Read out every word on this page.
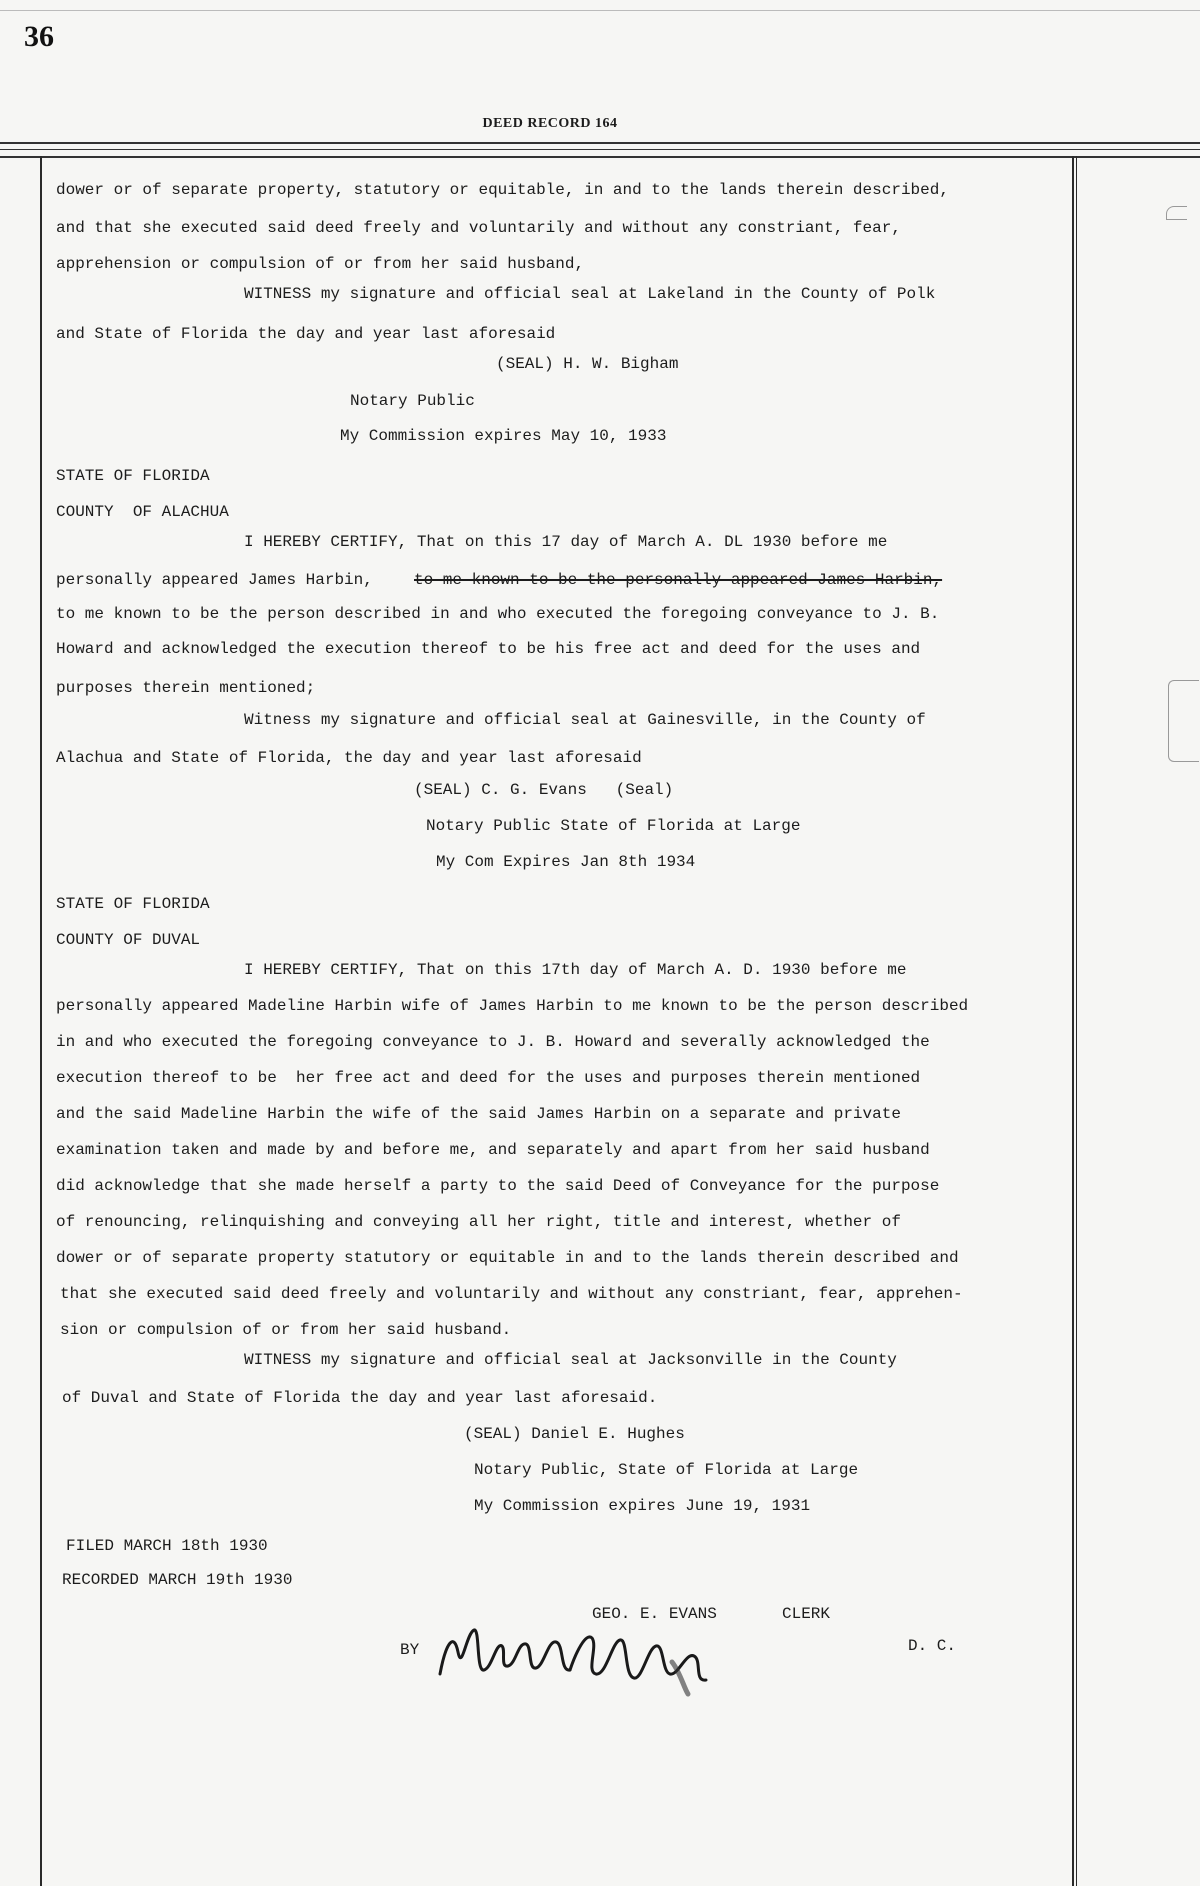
36
DEED RECORD 164
dower or of separate property, statutory or equitable, in and to the lands therein described,
and that she executed said deed freely and voluntarily and without any constriant, fear,
apprehension or compulsion of or from her said husband,
WITNESS my signature and official seal at Lakeland in the County of Polk
and State of Florida the day and year last aforesaid
(SEAL) H. W. Bigham
Notary Public
My Commission expires May 10, 1933
STATE OF FLORIDA
COUNTY  OF ALACHUA
I HEREBY CERTIFY, That on this 17 day of March A. DL 1930 before me
personally appeared James Harbin,	to me known to be the personally appeared James Harbin,
to me known to be the person described in and who executed the foregoing conveyance to J. B.
Howard and acknowledged the execution thereof to be his free act and deed for the uses and
purposes therein mentioned;
Witness my signature and official seal at Gainesville, in the County of
Alachua and State of Florida, the day and year last aforesaid
(SEAL) C. G. Evans   (Seal)
Notary Public State of Florida at Large
My Com Expires Jan 8th 1934
STATE OF FLORIDA
COUNTY OF DUVAL
I HEREBY CERTIFY, That on this 17th day of March A. D. 1930 before me
personally appeared Madeline Harbin wife of James Harbin to me known to be the person described
in and who executed the foregoing conveyance to J. B. Howard and severally acknowledged the
execution thereof to be  her free act and deed for the uses and purposes therein mentioned
and the said Madeline Harbin the wife of the said James Harbin on a separate and private
examination taken and made by and before me, and separately and apart from her said husband
did acknowledge that she made herself a party to the said Deed of Conveyance for the purpose
of renouncing, relinquishing and conveying all her right, title and interest, whether of
dower or of separate property statutory or equitable in and to the lands therein described and
that she executed said deed freely and voluntarily and without any constriant, fear, apprehen-
sion or compulsion of or from her said husband.
WITNESS my signature and official seal at Jacksonville in the County
of Duval and State of Florida the day and year last aforesaid.
(SEAL) Daniel E. Hughes
Notary Public, State of Florida at Large
My Commission expires June 19, 1931
FILED MARCH 18th 1930
RECORDED MARCH 19th 1930
GEO. E. EVANS	CLERK
BY	D. C.
